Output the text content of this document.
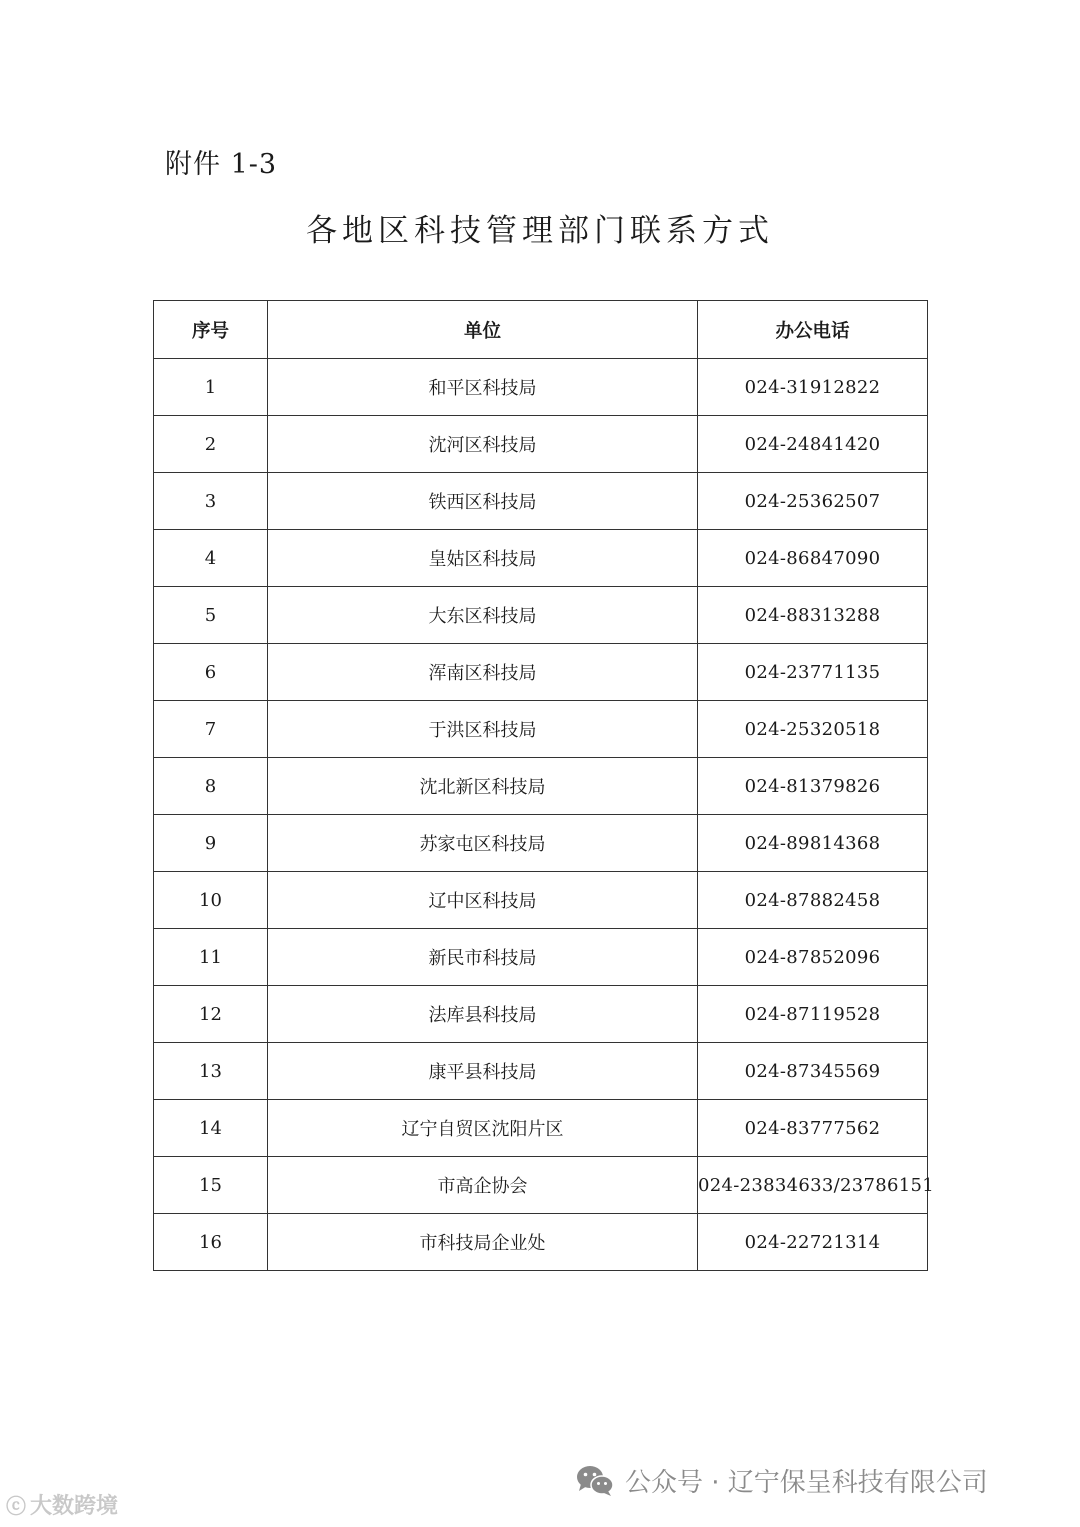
附件 1-3
各地区科技管理部门联系方式
序号	单位	办公电话
1	和平区科技局	024-31912822
2	沈河区科技局	024-24841420
3	铁西区科技局	024-25362507
4	皇姑区科技局	024-86847090
5	大东区科技局	024-88313288
6	浑南区科技局	024-23771135
7	于洪区科技局	024-25320518
8	沈北新区科技局	024-81379826
9	苏家屯区科技局	024-89814368
10	辽中区科技局	024-87882458
11	新民市科技局	024-87852096
12	法库县科技局	024-87119528
13	康平县科技局	024-87345569
14	辽宁自贸区沈阳片区	024-83777562
15	市高企协会	024-23834633/23786151
16	市科技局企业处	024-22721314
ⓒ 大数跨境
公众号 · 辽宁保呈科技有限公司
